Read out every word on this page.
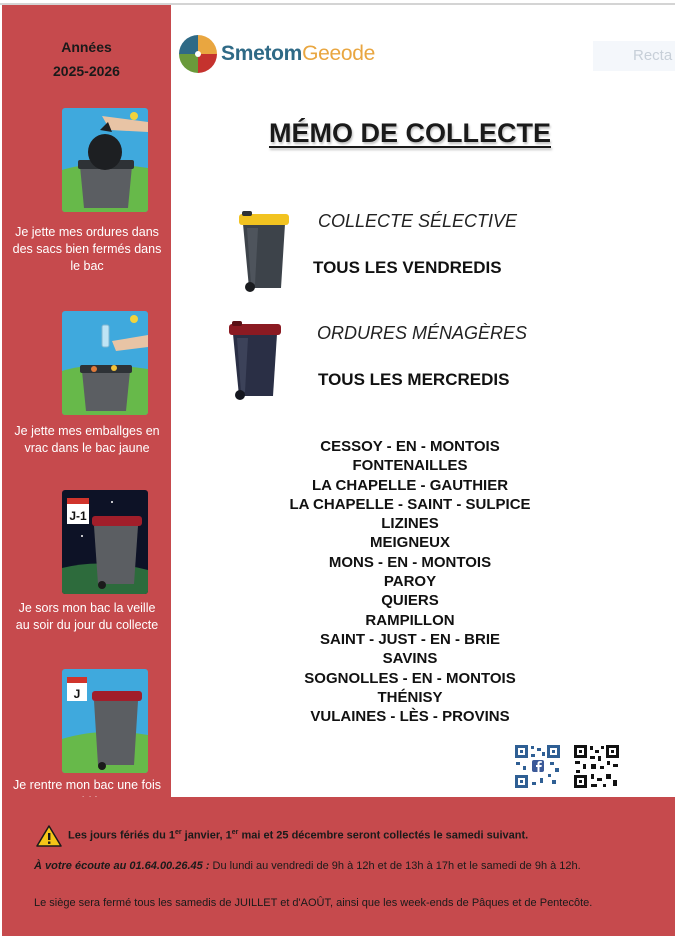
Années
2025-2026
Je jette mes ordures dans des sacs bien fermés dans le bac
Je jette mes emballges en vrac dans le bac jaune
J-1
Je sors mon bac la veille au soir du jour du collecte
J
Je rentre mon bac une fois
SmetomGeeode	Recta
MÉMO DE COLLECTE
COLLECTE SÉLECTIVE
TOUS LES VENDREDIS
ORDURES MÉNAGÈRES
TOUS LES MERCREDIS
CESSOY - EN - MONTOIS
FONTENAILLES
LA CHAPELLE - GAUTHIER
LA CHAPELLE - SAINT - SULPICE
LIZINES
MEIGNEUX
MONS - EN - MONTOIS
PAROY
QUIERS
RAMPILLON
SAINT - JUST - EN - BRIE
SAVINS
SOGNOLLES - EN - MONTOIS
THÉNISY
VULAINES - LÈS - PROVINS
Les jours fériés du 1er janvier, 1er mai et 25 décembre seront collectés le samedi suivant.
À votre écoute au 01.64.00.26.45 : Du lundi au vendredi de 9h à 12h et de 13h à 17h et le samedi de 9h à 12h.
Le siège sera fermé tous les samedis de JUILLET et d'AOÛT, ainsi que les week-ends de Pâques et de Pentecôte.
